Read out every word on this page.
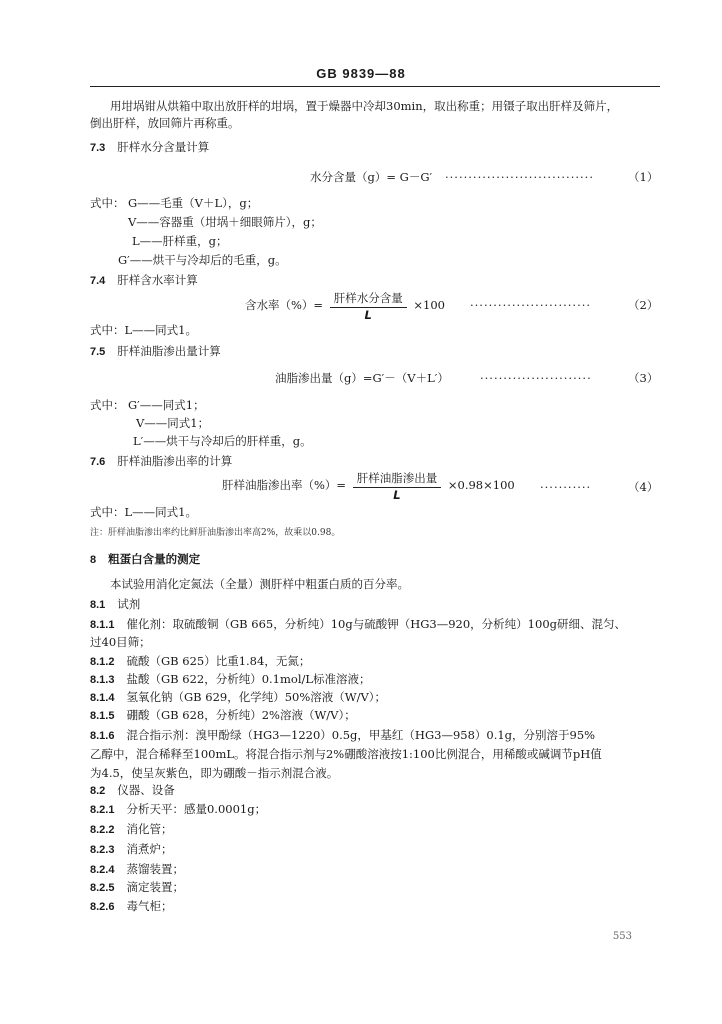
GB 9839—88
用坩埚钳从烘箱中取出放肝样的坩埚，置于燥器中冷却30min，取出称重；用镊子取出肝样及筛片，
倒出肝样，放回筛片再称重。
7.3 肝样水分含量计算
水分含量（g）= G－G′ ································	（1）
式中： G——毛重（V＋L），g；
V——容器重（坩埚＋细眼筛片），g；
L——肝样重，g；
G′——烘干与冷却后的毛重，g。
7.4 肝样含水率计算
含水率（%）= $\frac{\text{肝样水分含量}}{L} \times 100$ ··························	（2）
式中：L——同式1。
7.5 肝样油脂渗出量计算
油脂渗出量（g）=G′－（V＋L′）	························	（3）
式中： G′——同式1；
V——同式1；
L′——烘干与冷却后的肝样重，g。
7.6 肝样油脂渗出率的计算
肝样油脂渗出率（%）= $\frac{\text{肝样油脂渗出量}}{L} \times 0.98\times 100$ ···········	（4）
式中：L——同式1。
注：肝样油脂渗出率约比鲜肝油脂渗出率高2%，故乘以0.98。
8 粗蛋白含量的测定
本试验用消化定氮法（全量）测肝样中粗蛋白质的百分率。
8.1 试剂
8.1.1 催化剂：取硫酸铜（GB 665，分析纯）10g与硫酸钾（HG3—920，分析纯）100g研细、混匀、
过40目筛；
8.1.2 硫酸（GB 625）比重1.84，无氮；
8.1.3 盐酸（GB 622，分析纯）0.1mol/L标准溶液；
8.1.4 氢氧化钠（GB 629，化学纯）50%溶液（W/V）；
8.1.5 硼酸（GB 628，分析纯）2%溶液（W/V）；
8.1.6 混合指示剂：溴甲酚绿（HG3—1220）0.5g，甲基红（HG3—958）0.1g，分别溶于95%
乙醇中，混合稀释至100mL。将混合指示剂与2%硼酸溶液按1:100比例混合，用稀酸或碱调节pH值
为4.5，使呈灰紫色，即为硼酸－指示剂混合液。
8.2 仪器、设备
8.2.1 分析天平：感量0.0001g；
8.2.2 消化管；
8.2.3 消煮炉；
8.2.4 蒸馏装置；
8.2.5 滴定装置；
8.2.6 毒气柜；
553
